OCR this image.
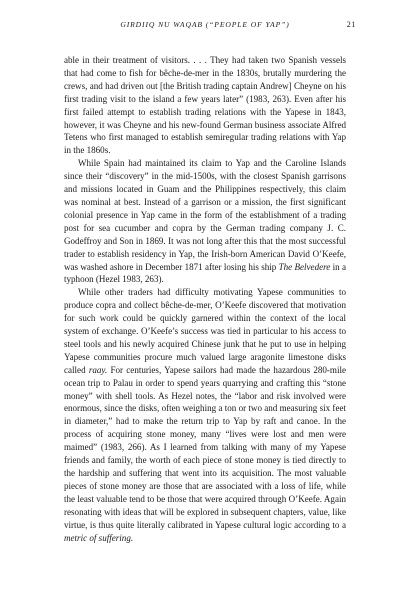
GIRDIIQ NU WAQAB (“PEOPLE OF YAP”)	21

able in their treatment of visitors. . . . They had taken two Spanish vessels that had come to fish for bêche-de-mer in the 1830s, brutally murdering the crews, and had driven out [the British trading captain Andrew] Cheyne on his first trading visit to the island a few years later” (1983, 263). Even after his first failed attempt to establish trading relations with the Yapese in 1843, however, it was Cheyne and his new-found German business associate Alfred Tetens who first managed to establish semiregular trading relations with Yap in the 1860s.

While Spain had maintained its claim to Yap and the Caroline Islands since their “discovery” in the mid-1500s, with the closest Spanish garrisons and missions located in Guam and the Philippines respectively, this claim was nominal at best. Instead of a garrison or a mission, the first significant colonial presence in Yap came in the form of the establishment of a trading post for sea cucumber and copra by the German trading company J. C. Godeffroy and Son in 1869. It was not long after this that the most successful trader to establish residency in Yap, the Irish-born American David O’Keefe, was washed ashore in December 1871 after losing his ship The Belvedere in a typhoon (Hezel 1983, 263).

While other traders had difficulty motivating Yapese communities to produce copra and collect bêche-de-mer, O’Keefe discovered that motivation for such work could be quickly garnered within the context of the local system of exchange. O’Keefe’s success was tied in particular to his access to steel tools and his newly acquired Chinese junk that he put to use in helping Yapese communities procure much valued large aragonite limestone disks called raay. For centuries, Yapese sailors had made the hazardous 280-mile ocean trip to Palau in order to spend years quarrying and crafting this “stone money” with shell tools. As Hezel notes, the “labor and risk involved were enormous, since the disks, often weighing a ton or two and measuring six feet in diameter,” had to make the return trip to Yap by raft and canoe. In the process of acquiring stone money, many “lives were lost and men were maimed” (1983, 266). As I learned from talking with many of my Yapese friends and family, the worth of each piece of stone money is tied directly to the hardship and suffering that went into its acquisition. The most valuable pieces of stone money are those that are associated with a loss of life, while the least valuable tend to be those that were acquired through O’Keefe. Again resonating with ideas that will be explored in subsequent chapters, value, like virtue, is thus quite literally calibrated in Yapese cultural logic according to a metric of suffering.
